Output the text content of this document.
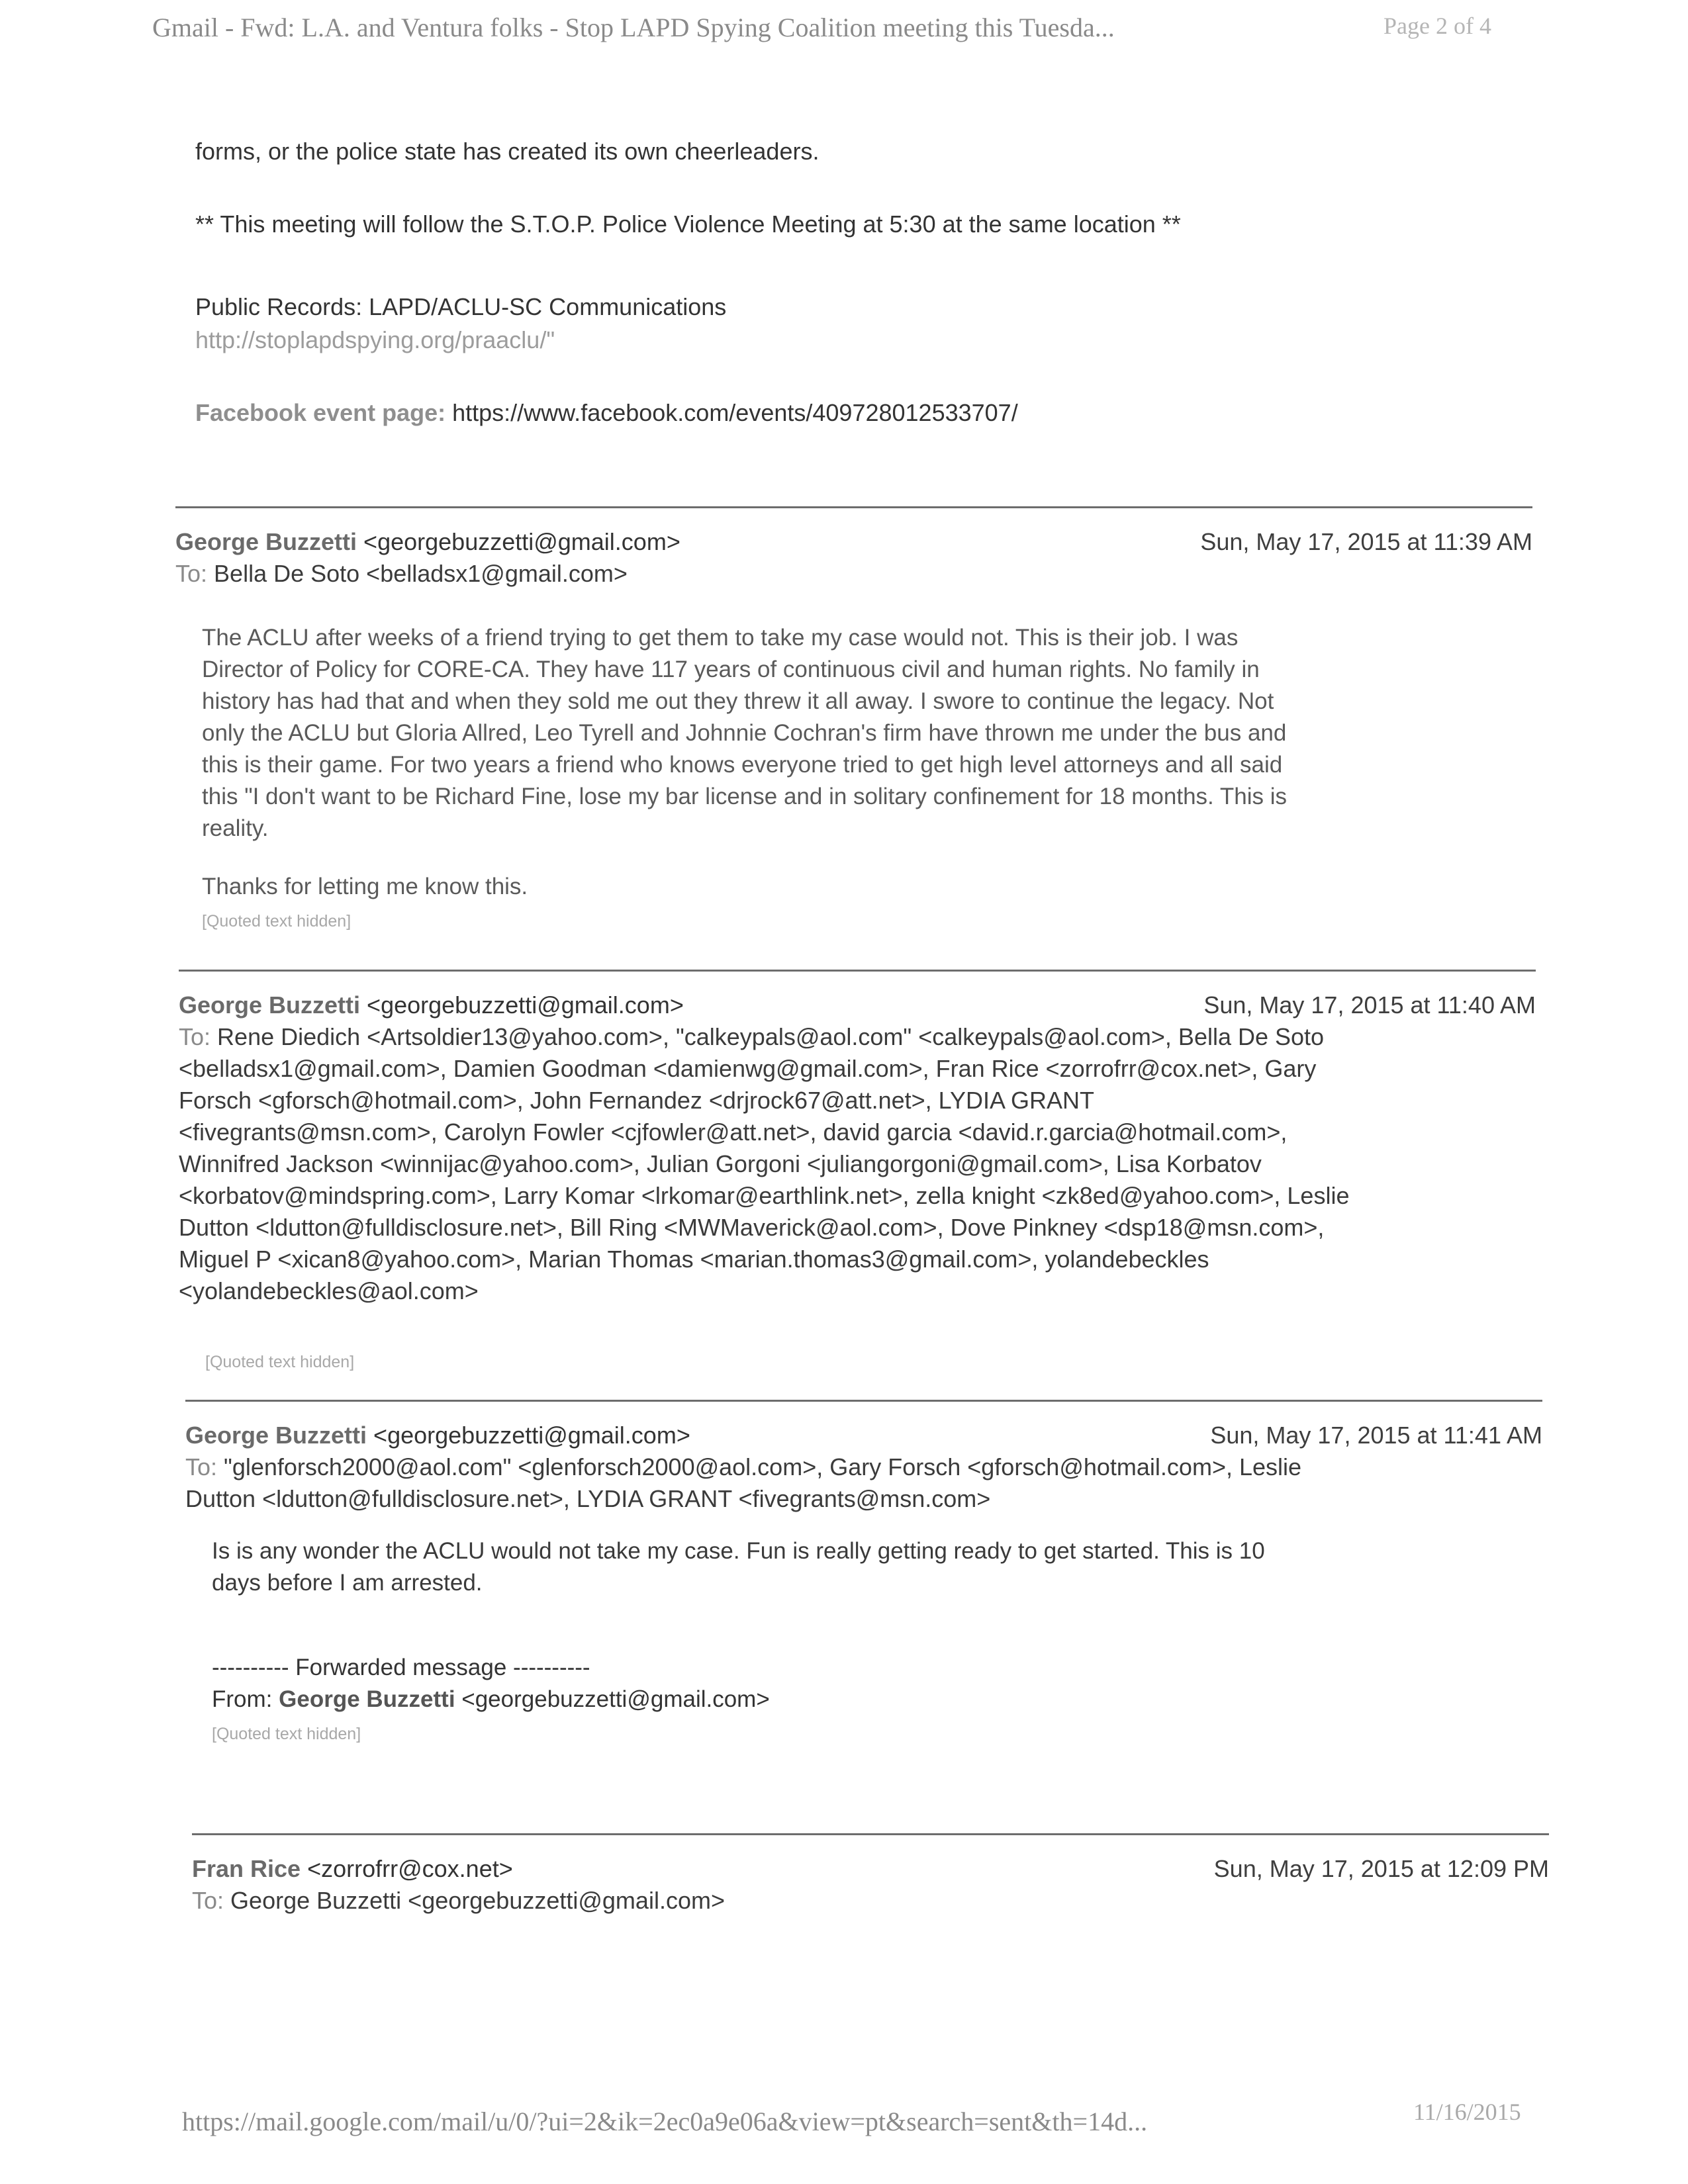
Gmail - Fwd: L.A. and Ventura folks - Stop LAPD Spying Coalition meeting this Tuesda...	Page 2 of 4
forms, or the police state has created its own cheerleaders.
** This meeting will follow the S.T.O.P. Police Violence Meeting at 5:30 at the same location **
Public Records: LAPD/ACLU-SC Communications
http://stoplapdspying.org/praaclu/"
Facebook event page: https://www.facebook.com/events/409728012533707/
George Buzzetti <georgebuzzetti@gmail.com>	Sun, May 17, 2015 at 11:39 AM
To: Bella De Soto <belladsx1@gmail.com>
The ACLU after weeks of a friend trying to get them to take my case would not. This is their job. I was
Director of Policy for CORE-CA. They have 117 years of continuous civil and human rights. No family in
history has had that and when they sold me out they threw it all away. I swore to continue the legacy. Not
only the ACLU but Gloria Allred, Leo Tyrell and Johnnie Cochran's firm have thrown me under the bus and
this is their game. For two years a friend who knows everyone tried to get high level attorneys and all said
this "I don't want to be Richard Fine, lose my bar license and in solitary confinement for 18 months. This is
reality.
Thanks for letting me know this.
[Quoted text hidden]
George Buzzetti <georgebuzzetti@gmail.com>	Sun, May 17, 2015 at 11:40 AM
To: Rene Diedich <Artsoldier13@yahoo.com>, "calkeypals@aol.com" <calkeypals@aol.com>, Bella De Soto
<belladsx1@gmail.com>, Damien Goodman <damienwg@gmail.com>, Fran Rice <zorrofrr@cox.net>, Gary
Forsch <gforsch@hotmail.com>, John Fernandez <drjrock67@att.net>, LYDIA GRANT
<fivegrants@msn.com>, Carolyn Fowler <cjfowler@att.net>, david garcia <david.r.garcia@hotmail.com>,
Winnifred Jackson <winnijac@yahoo.com>, Julian Gorgoni <juliangorgoni@gmail.com>, Lisa Korbatov
<korbatov@mindspring.com>, Larry Komar <lrkomar@earthlink.net>, zella knight <zk8ed@yahoo.com>, Leslie
Dutton <ldutton@fulldisclosure.net>, Bill Ring <MWMaverick@aol.com>, Dove Pinkney <dsp18@msn.com>,
Miguel P <xican8@yahoo.com>, Marian Thomas <marian.thomas3@gmail.com>, yolandebeckles
<yolandebeckles@aol.com>
[Quoted text hidden]
George Buzzetti <georgebuzzetti@gmail.com>	Sun, May 17, 2015 at 11:41 AM
To: "glenforsch2000@aol.com" <glenforsch2000@aol.com>, Gary Forsch <gforsch@hotmail.com>, Leslie
Dutton <ldutton@fulldisclosure.net>, LYDIA GRANT <fivegrants@msn.com>
Is is any wonder the ACLU would not take my case. Fun is really getting ready to get started. This is 10
days before I am arrested.
---------- Forwarded message ----------
From: George Buzzetti <georgebuzzetti@gmail.com>
[Quoted text hidden]
Fran Rice <zorrofrr@cox.net>	Sun, May 17, 2015 at 12:09 PM
To: George Buzzetti <georgebuzzetti@gmail.com>
https://mail.google.com/mail/u/0/?ui=2&ik=2ec0a9e06a&view=pt&search=sent&th=14d...	11/16/2015
